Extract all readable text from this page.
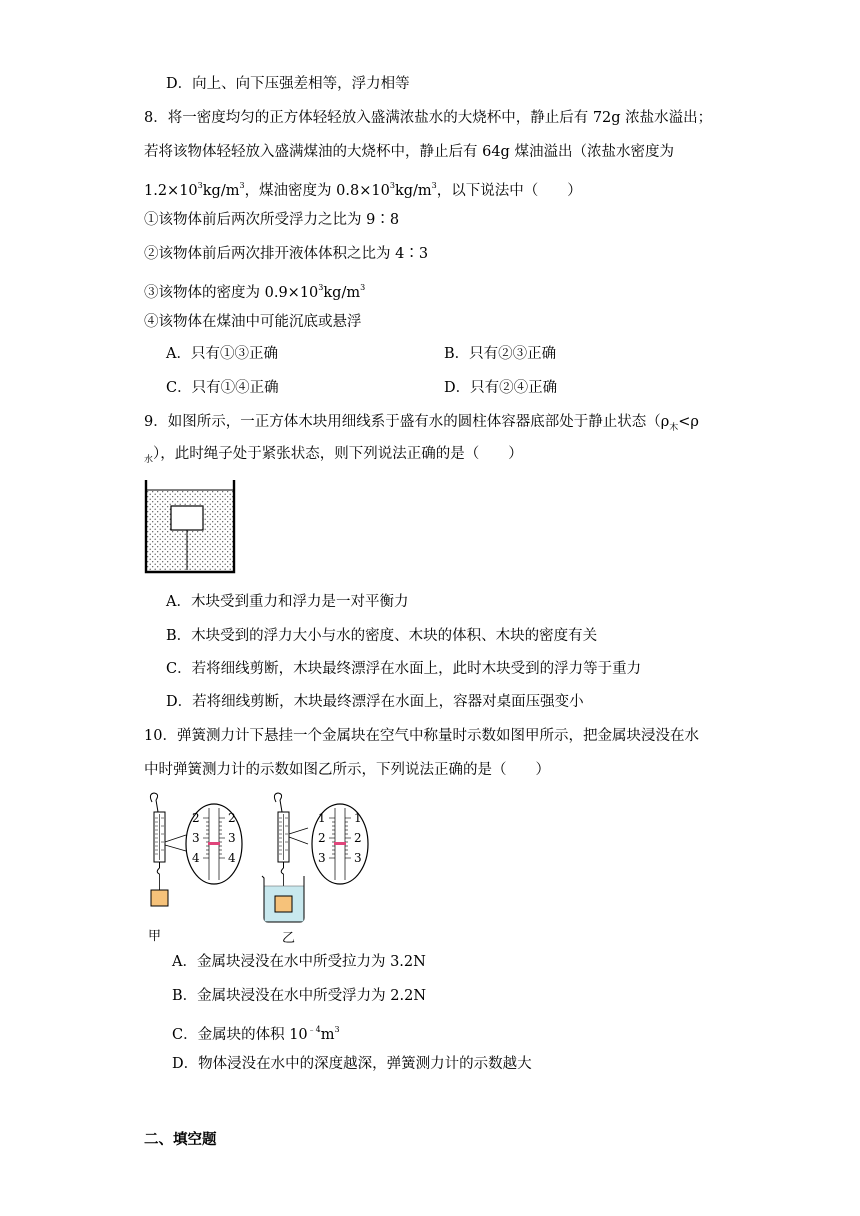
D．向上、向下压强差相等，浮力相等
8．将一密度均匀的正方体轻轻放入盛满浓盐水的大烧杯中，静止后有 72g 浓盐水溢出；
若将该物体轻轻放入盛满煤油的大烧杯中，静止后有 64g 煤油溢出（浓盐水密度为
$1.2\times 10^3kg/m^3$，煤油密度为 $0.8\times 10^3kg/m^3$，以下说法中（　　）
①该物体前后两次所受浮力之比为 9∶8
②该物体前后两次排开液体体积之比为 4∶3
③该物体的密度为 $0.9\times 10^3kg/m^3$
④该物体在煤油中可能沉底或悬浮
A．只有①③正确	B．只有②③正确
C．只有①④正确	D．只有②④正确
9．如图所示，一正方体木块用细线系于盛有水的圆柱体容器底部处于静止状态（$\rho_木<\rho$
$_水$），此时绳子处于紧张状态，则下列说法正确的是（　　）
A．木块受到重力和浮力是一对平衡力
B．木块受到的浮力大小与水的密度、木块的体积、木块的密度有关
C．若将细线剪断，木块最终漂浮在水面上，此时木块受到的浮力等于重力
D．若将细线剪断，木块最终漂浮在水面上，容器对桌面压强变小
10．弹簧测力计下悬挂一个金属块在空气中称量时示数如图甲所示，把金属块浸没在水
中时弹簧测力计的示数如图乙所示，下列说法正确的是（　　）
2
3
4
2
3
4
甲
1
2
3
1
2
3
乙
A．金属块浸没在水中所受拉力为 3.2N
B．金属块浸没在水中所受浮力为 2.2N
C．金属块的体积 $10^{﹣4}m^3$
D．物体浸没在水中的深度越深，弹簧测力计的示数越大
二、填空题
